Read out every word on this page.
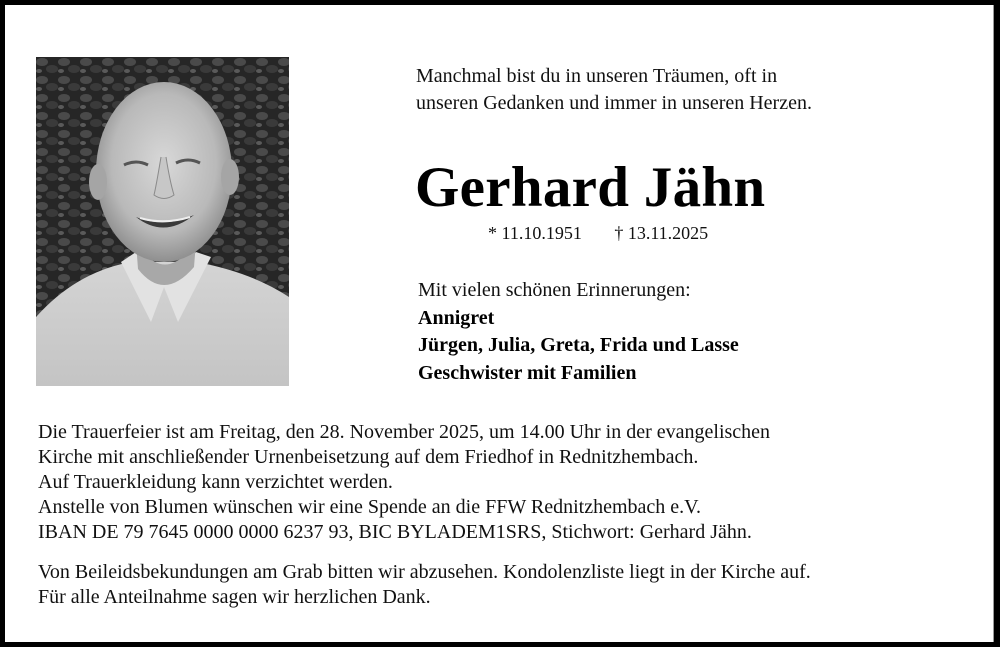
Manchmal bist du in unseren Träumen, oft in
unseren Gedanken und immer in unseren Herzen.
Gerhard Jähn
* 11.10.1951 † 13.11.2025
Mit vielen schönen Erinnerungen:
Annigret
Jürgen, Julia, Greta, Frida und Lasse
Geschwister mit Familien
Die Trauerfeier ist am Freitag, den 28. November 2025, um 14.00 Uhr in der evangelischen
Kirche mit anschließender Urnenbeisetzung auf dem Friedhof in Rednitzhembach.
Auf Trauerkleidung kann verzichtet werden.
Anstelle von Blumen wünschen wir eine Spende an die FFW Rednitzhembach e.V.
IBAN DE 79 7645 0000 0000 6237 93, BIC BYLADEM1SRS, Stichwort: Gerhard Jähn.
Von Beileidsbekundungen am Grab bitten wir abzusehen. Kondolenzliste liegt in der Kirche auf.
Für alle Anteilnahme sagen wir herzlichen Dank.
